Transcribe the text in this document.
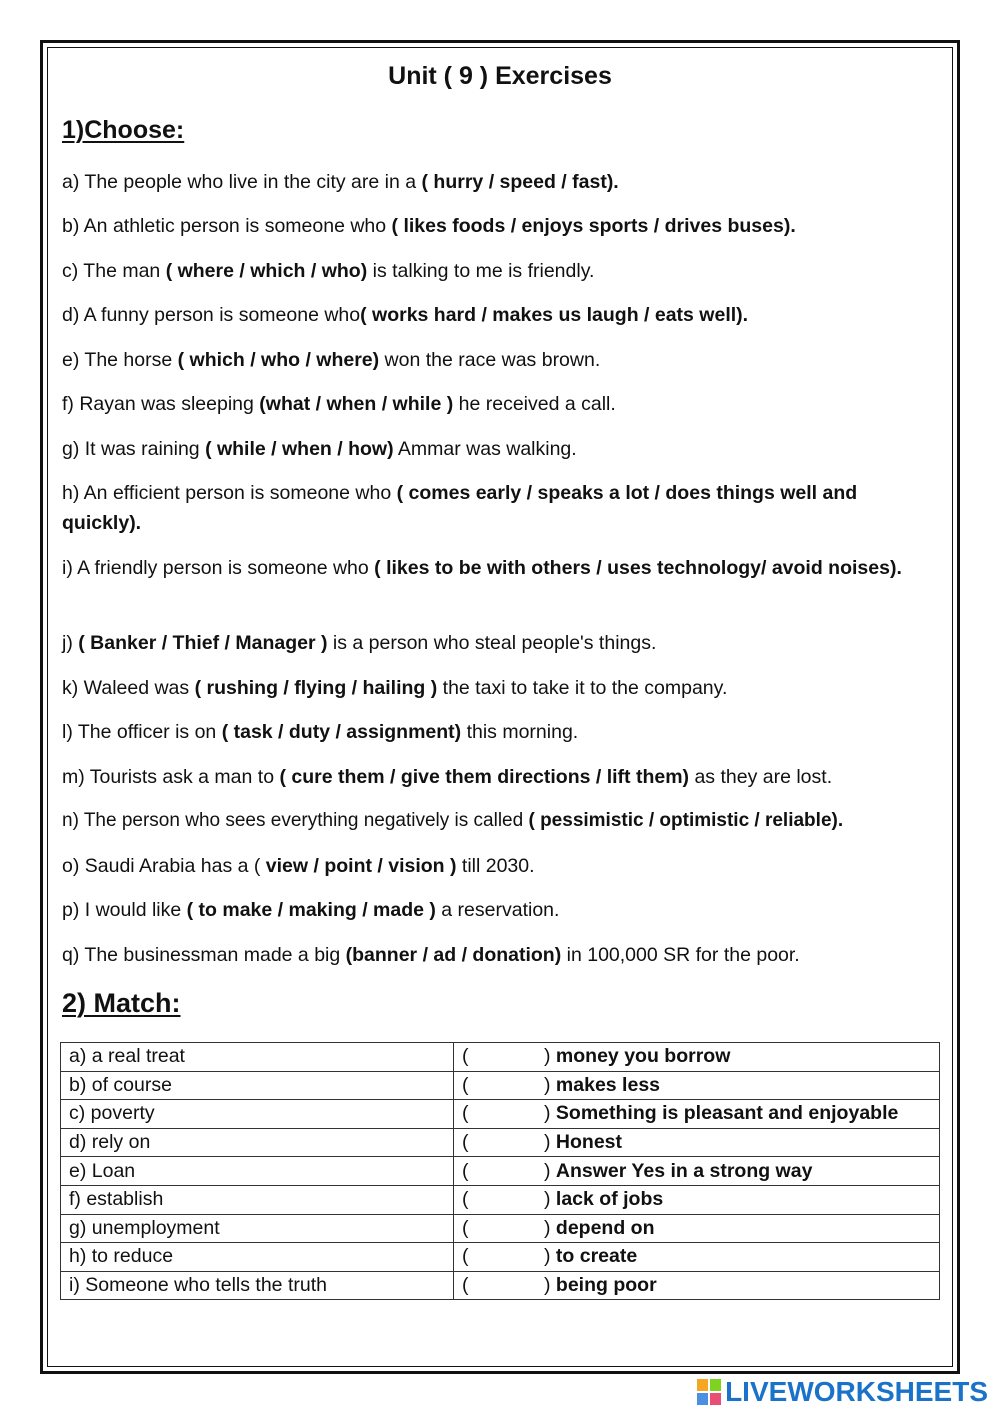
Unit ( 9 ) Exercises
1)Choose:
a) The people who live in the city are in a ( hurry / speed / fast).
b) An athletic person is someone who ( likes foods / enjoys sports / drives buses).
c) The man ( where / which / who) is talking to me is friendly.
d) A funny person is someone who( works hard / makes us laugh / eats well).
e) The horse ( which / who / where) won the race was brown.
f) Rayan was sleeping (what / when / while ) he received a call.
g) It was raining ( while / when / how) Ammar was walking.
h) An efficient person is someone who ( comes early / speaks a lot / does things well and quickly).
i) A friendly person is someone who ( likes to be with others / uses technology/ avoid noises).
j) ( Banker / Thief / Manager ) is a person who steal people's things.
k) Waleed was ( rushing / flying / hailing ) the taxi to take it to the company.
l) The officer is on ( task / duty / assignment) this morning.
m) Tourists ask a man to ( cure them / give them directions / lift them) as they are lost.
n) The person who sees everything negatively is called ( pessimistic / optimistic / reliable).
o) Saudi Arabia has a ( view / point / vision ) till 2030.
p) I would like ( to make / making / made ) a reservation.
q) The businessman made a big (banner / ad / donation) in 100,000 SR for the poor.
2) Match:
a) a real treat	( ) money you borrow
b) of course	( ) makes less
c) poverty	( ) Something is pleasant and enjoyable
d) rely on	( ) Honest
e) Loan	( ) Answer Yes in a strong way
f) establish	( ) lack of jobs
g) unemployment	( ) depend on
h) to reduce	( ) to create
i) Someone who tells the truth	( ) being poor
LIVEWORKSHEETS
